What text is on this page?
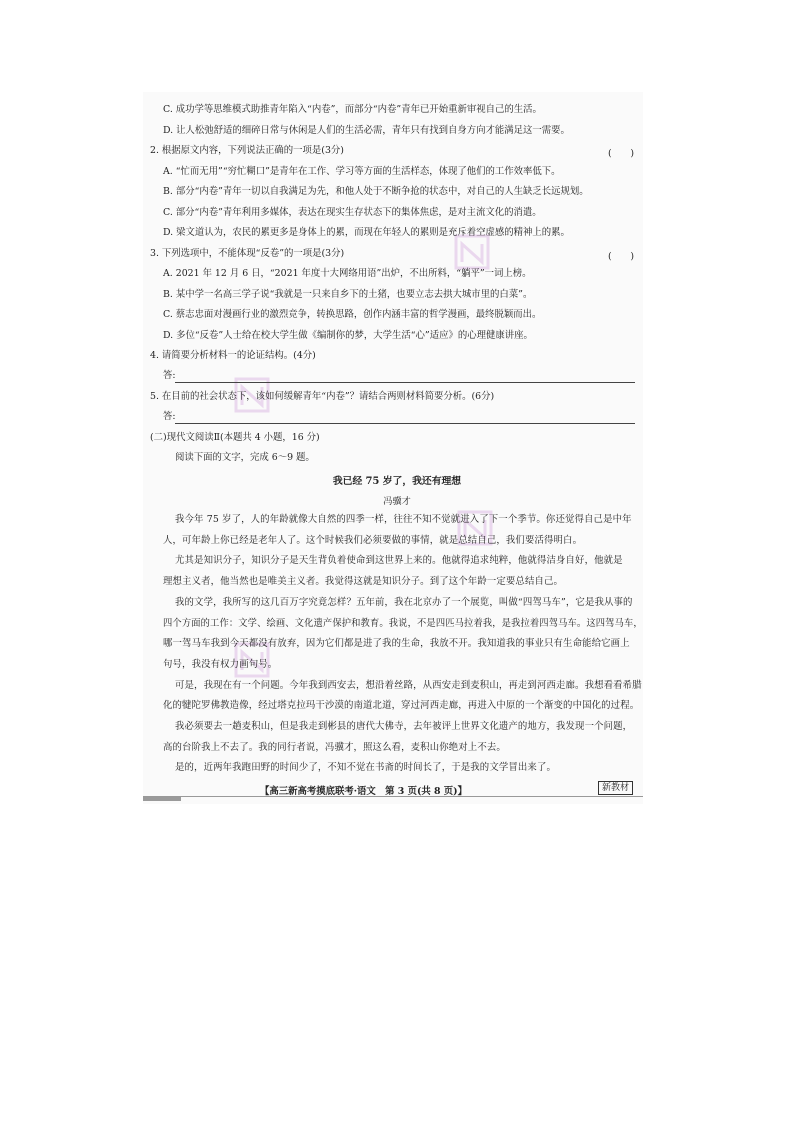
C. 成功学等思维模式助推青年陷入“内卷”，而部分“内卷”青年已开始重新审视自己的生活。
D. 让人松弛舒适的细碎日常与休闲是人们的生活必需，青年只有找到自身方向才能满足这一需要。
2. 根据原文内容，下列说法正确的一项是(3分)	(　　)
A. “忙而无用”“穷忙糊口”是青年在工作、学习等方面的生活样态，体现了他们的工作效率低下。
B. 部分“内卷”青年一切以自我满足为先，和他人处于不断争抢的状态中，对自己的人生缺乏长远规划。
C. 部分“内卷”青年利用多媒体，表达在现实生存状态下的集体焦虑，是对主流文化的消遣。
D. 梁文道认为，农民的累更多是身体上的累，而现在年轻人的累则是充斥着空虚感的精神上的累。
3. 下列选项中，不能体现“反卷”的一项是(3分)	(　　)
A. 2021 年 12 月 6 日，“2021 年度十大网络用语”出炉，不出所料，“躺平”一词上榜。
B. 某中学一名高三学子说“我就是一只来自乡下的土猪，也要立志去拱大城市里的白菜”。
C. 蔡志忠面对漫画行业的激烈竞争，转换思路，创作内涵丰富的哲学漫画，最终脱颖而出。
D. 多位“反卷”人士给在校大学生做《编制你的梦，大学生活“心”适应》的心理健康讲座。
4. 请简要分析材料一的论证结构。(4分)
答:
5. 在目前的社会状态下，该如何缓解青年“内卷”？请结合两则材料简要分析。(6分)
答:
(二)现代文阅读Ⅱ(本题共 4 小题，16 分)
阅读下面的文字，完成 6～9 题。
我已经 75 岁了，我还有理想
冯骥才
我今年 75 岁了，人的年龄就像大自然的四季一样，往往不知不觉就进入了下一个季节。你还觉得自己是中年
人，可年龄上你已经是老年人了。这个时候我们必须要做的事情，就是总结自己，我们要活得明白。
尤其是知识分子，知识分子是天生背负着使命到这世界上来的。他就得追求纯粹，他就得洁身自好，他就是
理想主义者，他当然也是唯美主义者。我觉得这就是知识分子。到了这个年龄一定要总结自己。
我的文学，我所写的这几百万字究竟怎样？五年前，我在北京办了一个展览，叫做“四驾马车”，它是我从事的
四个方面的工作：文学、绘画、文化遗产保护和教育。我说，不是四匹马拉着我，是我拉着四驾马车。这四驾马车，
哪一驾马车我到今天都没有放弃，因为它们都是进了我的生命，我放不开。我知道我的事业只有生命能给它画上
句号，我没有权力画句号。
可是，我现在有一个问题。今年我到西安去，想沿着丝路，从西安走到麦积山，再走到河西走廊。我想看看希腊
化的犍陀罗佛教造像，经过塔克拉玛干沙漠的南道北道，穿过河西走廊，再进入中原的一个渐变的中国化的过程。
我必须要去一趟麦积山，但是我走到彬县的唐代大佛寺，去年被评上世界文化遗产的地方，我发现一个问题，
高的台阶我上不去了。我的同行者说，冯骥才，照这么看，麦积山你绝对上不去。
是的，近两年我跑田野的时间少了，不知不觉在书斋的时间长了，于是我的文学冒出来了。
【高三新高考摸底联考·语文　第 3 页(共 8 页)】	新教材
